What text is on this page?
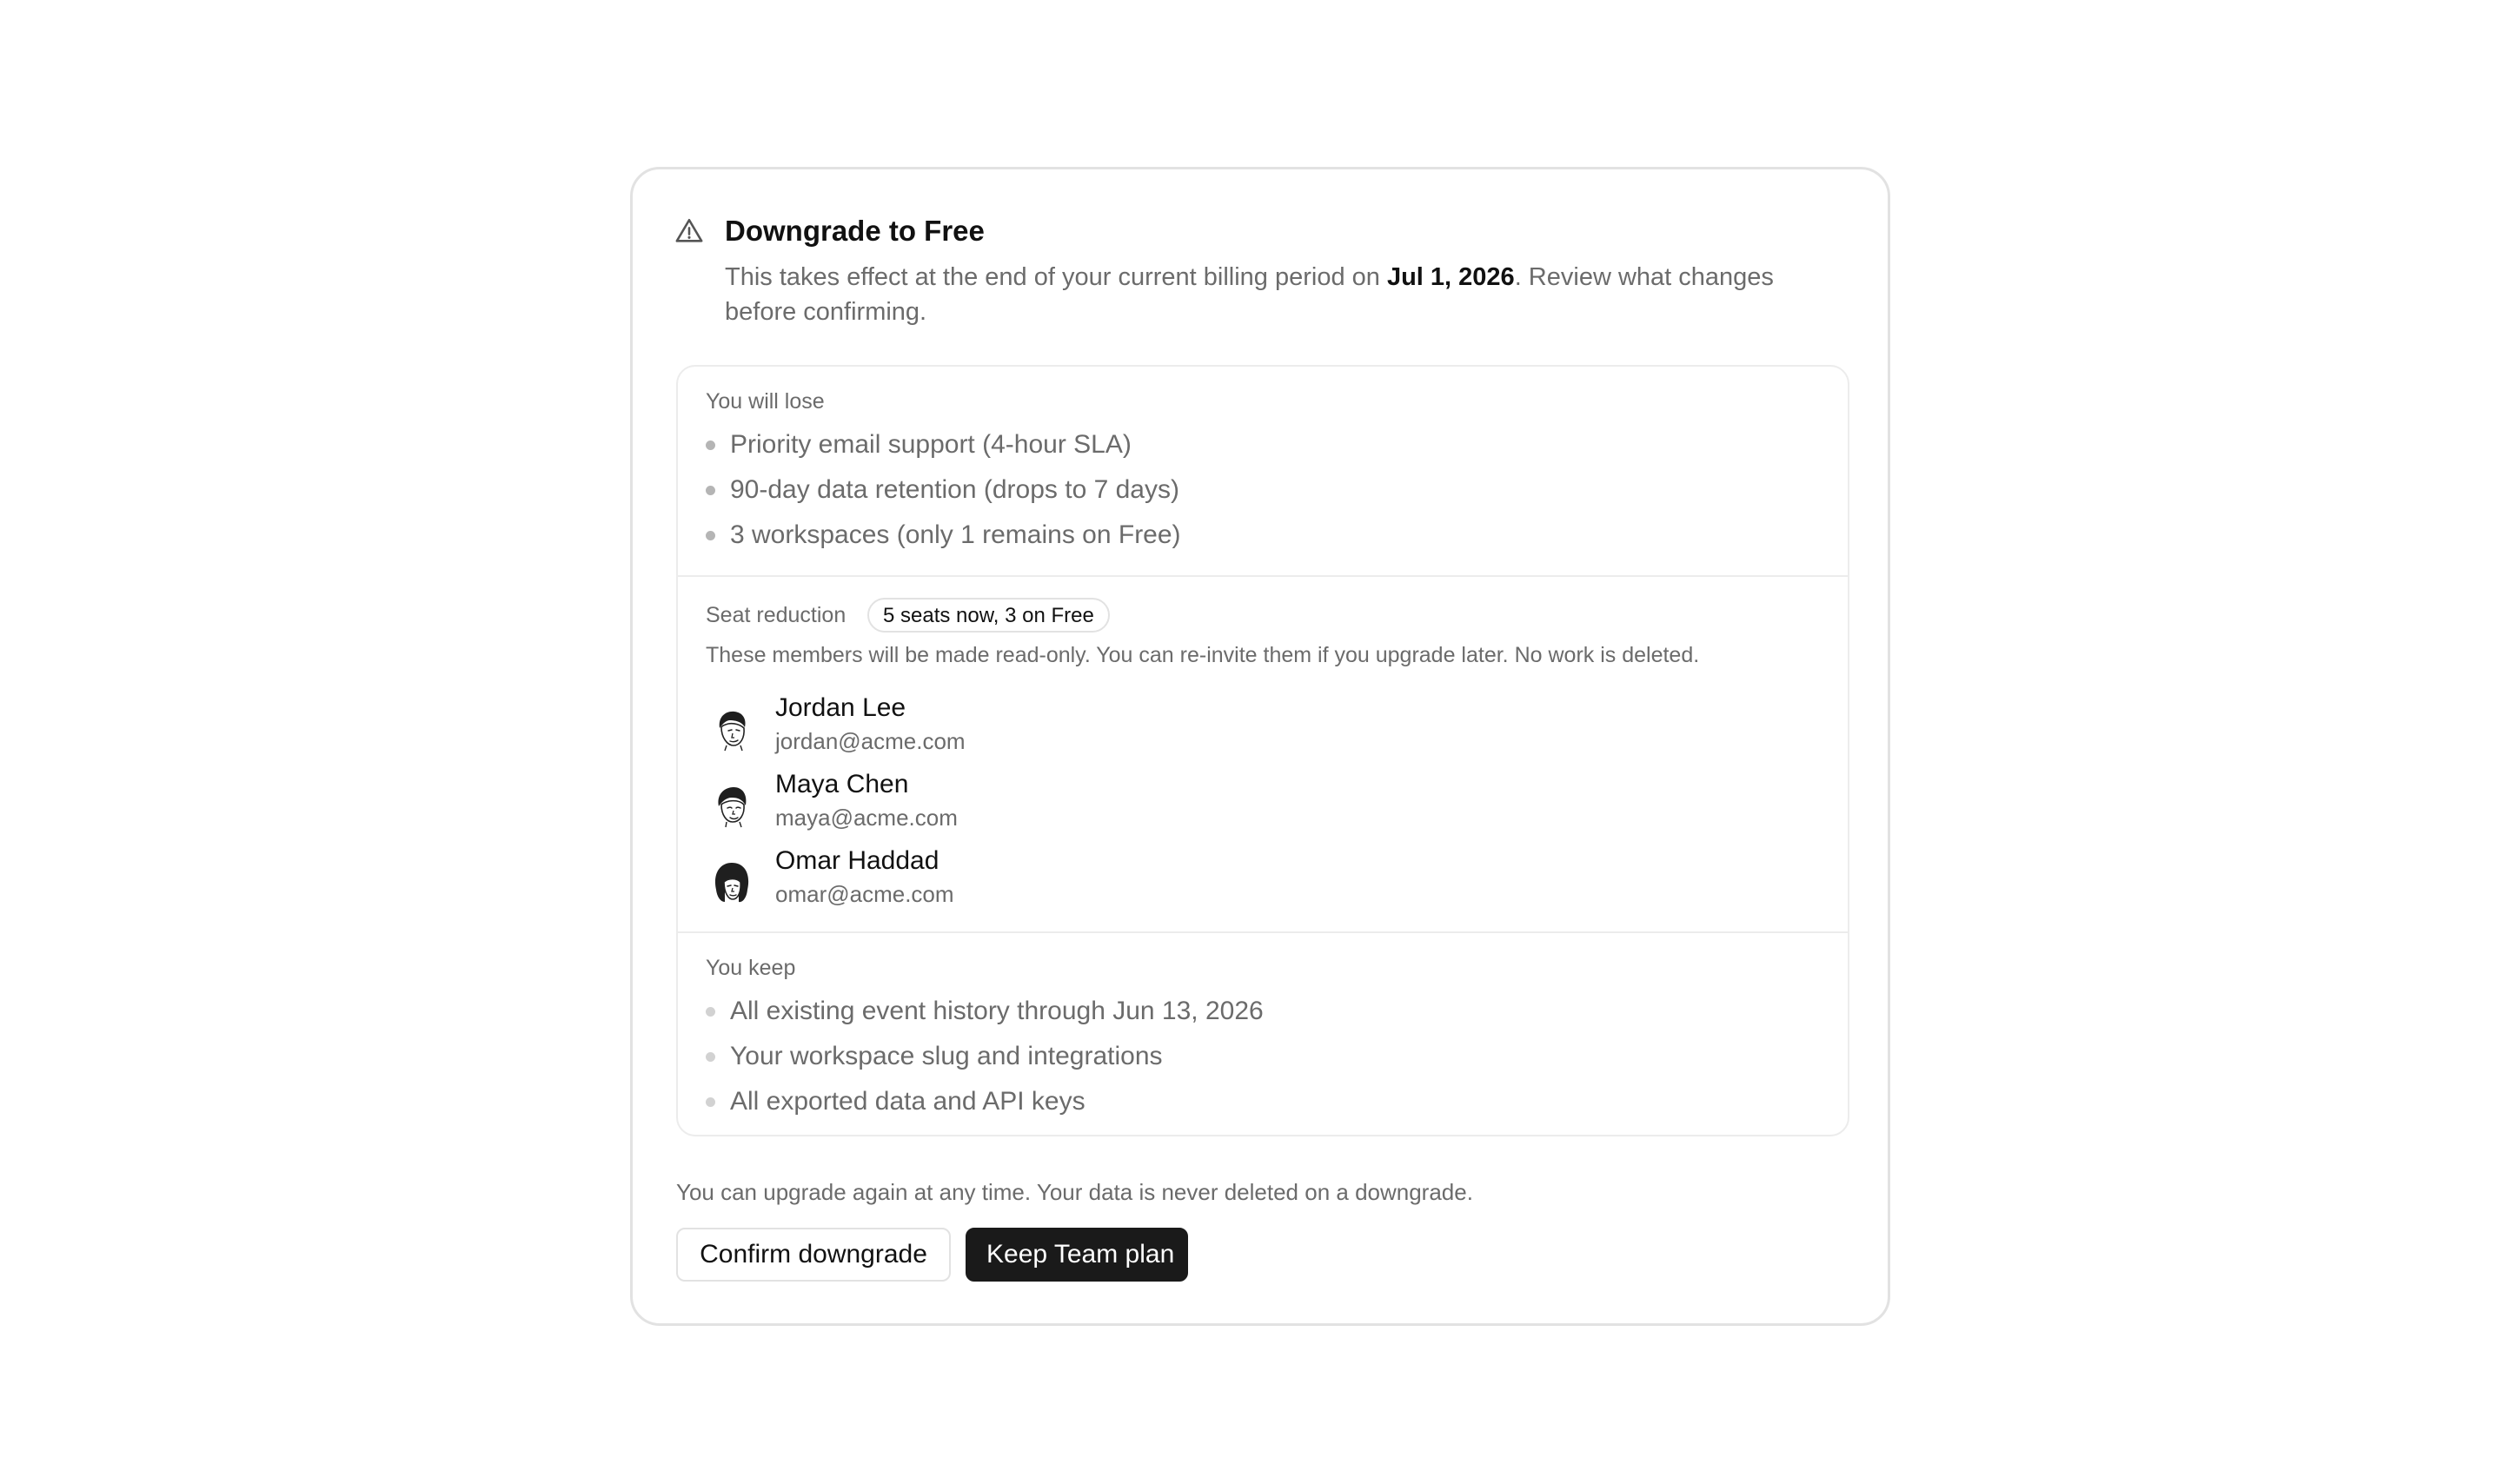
Downgrade to Free
This takes effect at the end of your current billing period on Jul 1, 2026. Review what changes before confirming.
You will lose
Priority email support (4-hour SLA)
90-day data retention (drops to 7 days)
3 workspaces (only 1 remains on Free)
Seat reduction	5 seats now, 3 on Free
These members will be made read-only. You can re-invite them if you upgrade later. No work is deleted.
Jordan Lee
jordan@acme.com
Maya Chen
maya@acme.com
Omar Haddad
omar@acme.com
You keep
All existing event history through Jun 13, 2026
Your workspace slug and integrations
All exported data and API keys
You can upgrade again at any time. Your data is never deleted on a downgrade.
Confirm downgrade	Keep Team plan
